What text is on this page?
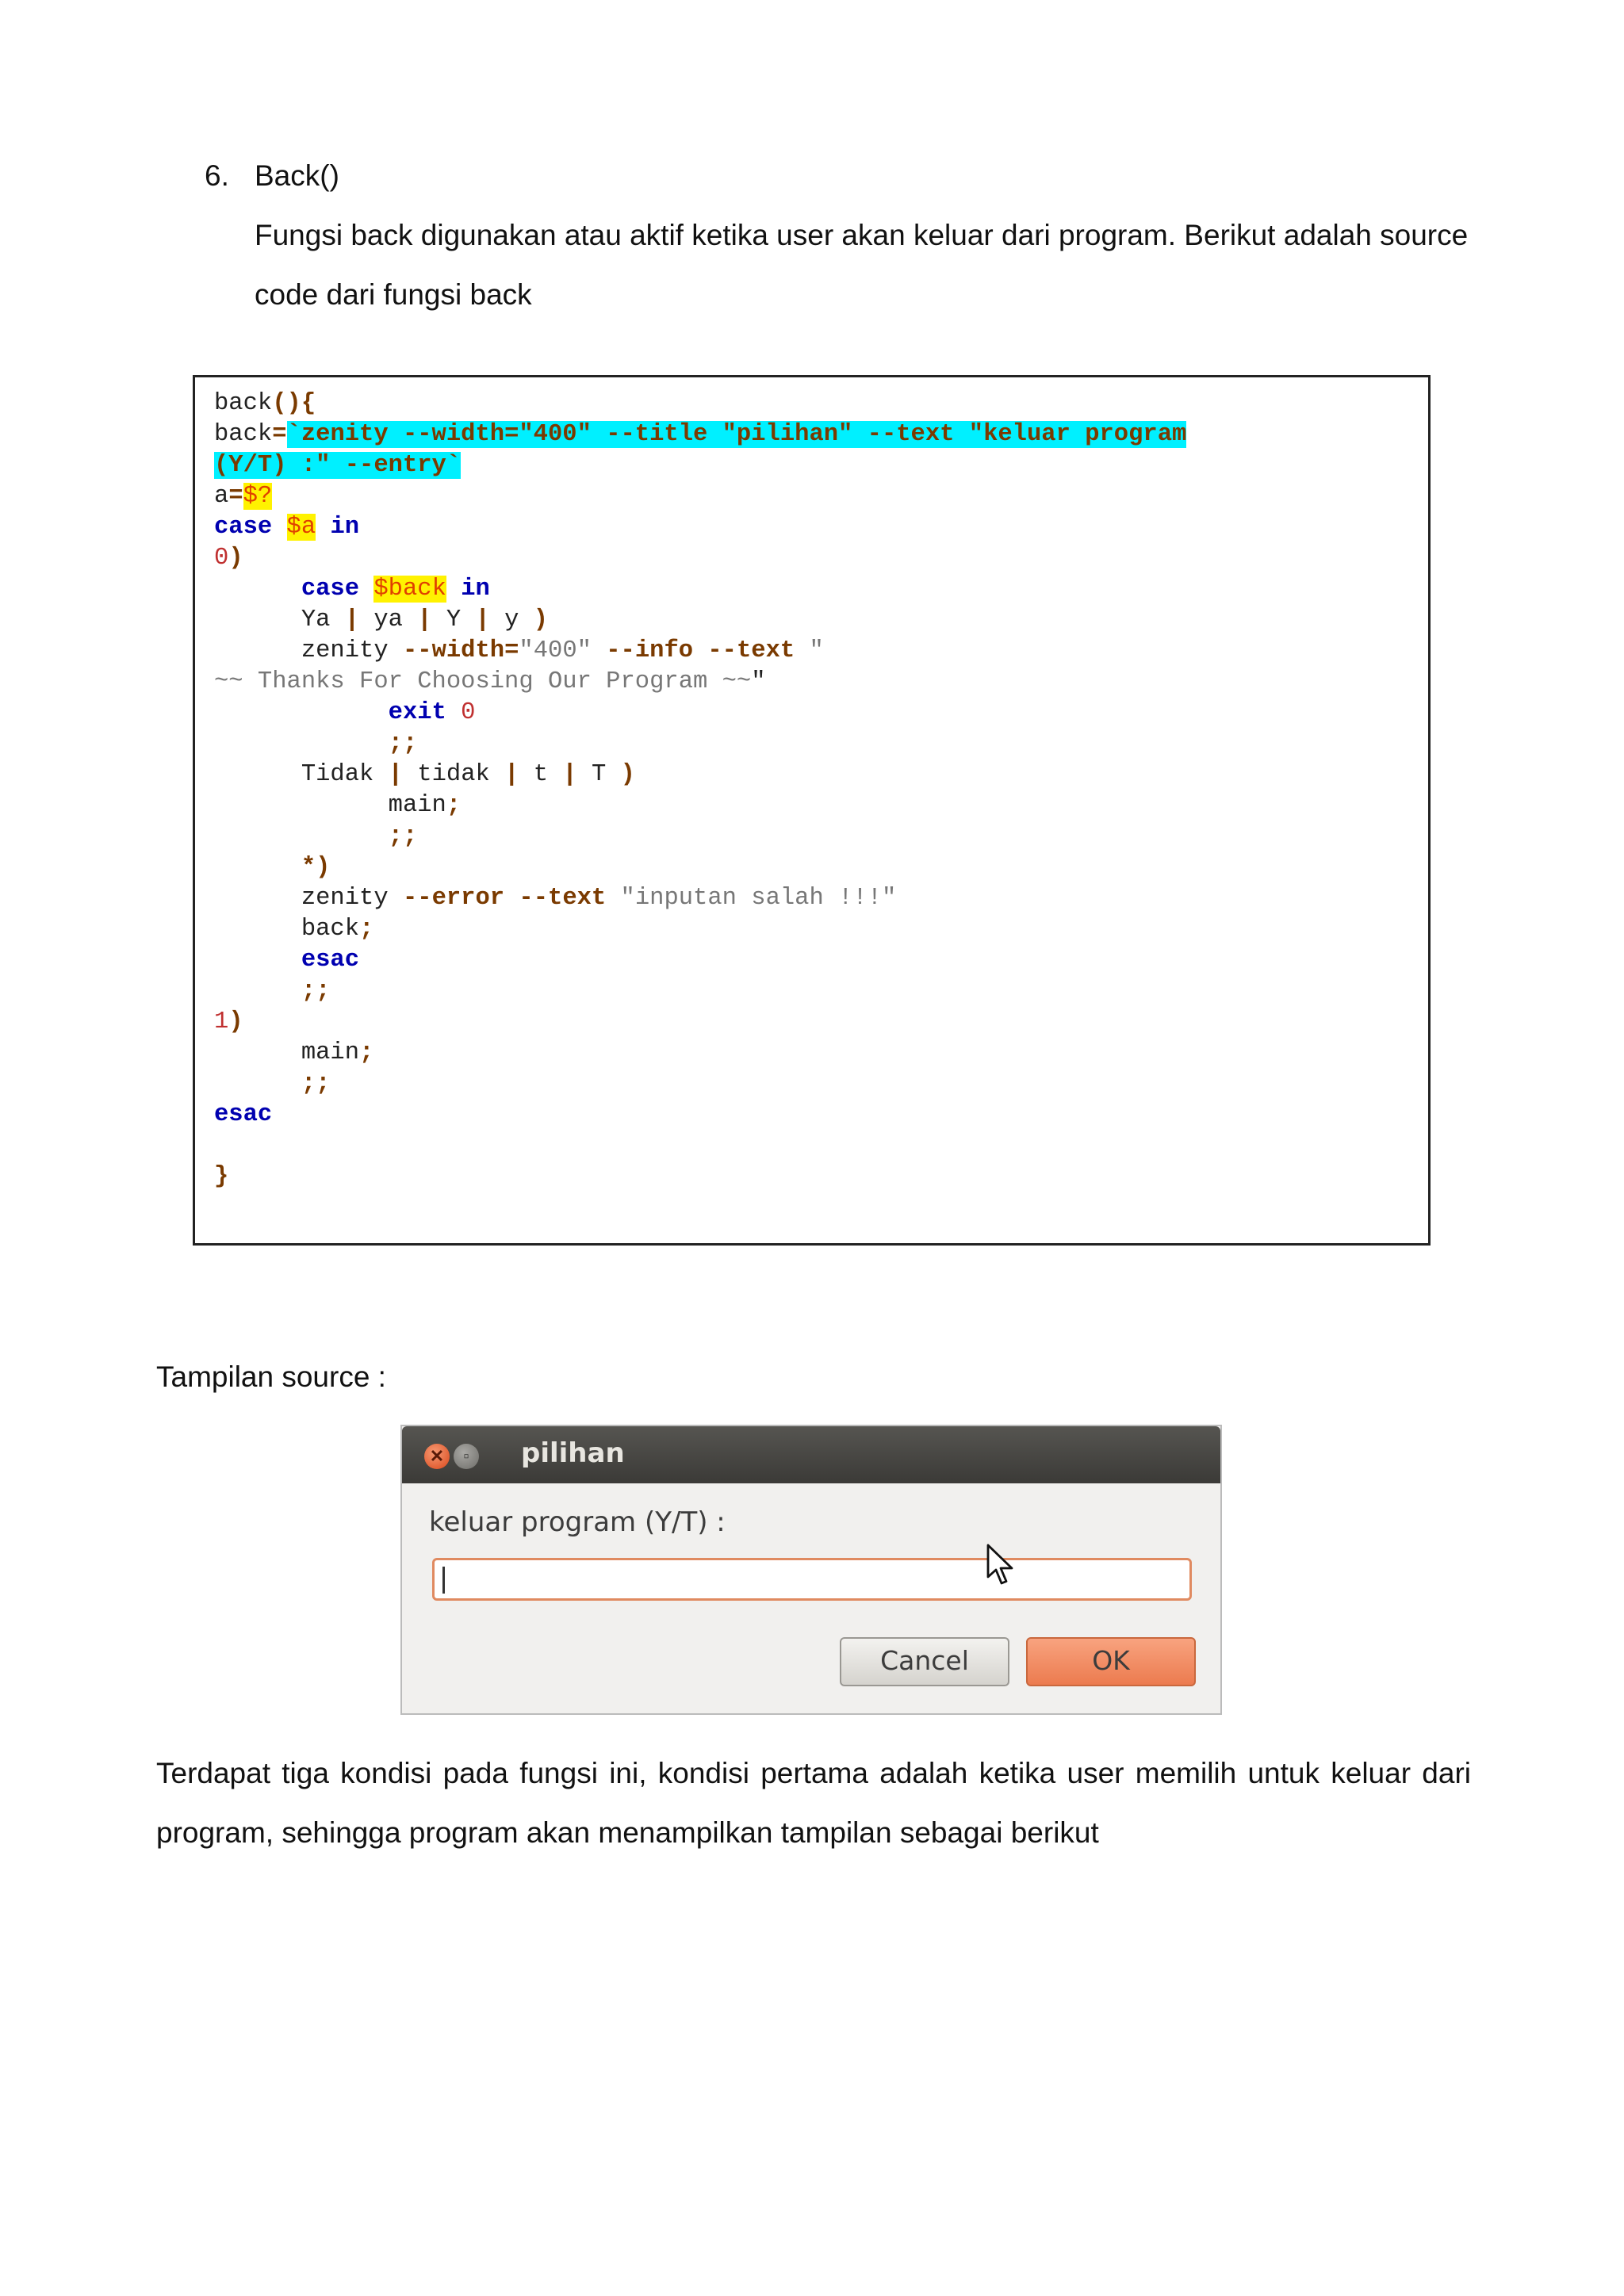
6. Back()
Fungsi back digunakan atau aktif ketika user akan keluar dari program. Berikut adalah source
code dari fungsi back
back(){
back=`zenity --width="400" --title "pilihan" --text "keluar program
(Y/T) :" --entry`
a=$?
case $a in
0)
case $back in
Ya | ya | Y | y )
zenity --width="400" --info --text "
~~ Thanks For Choosing Our Program ~~"
exit 0
;;
Tidak | tidak | t | T )
main;
;;
*)
zenity --error --text "inputan salah !!!"
back;
esac
;;
1)
main;
;;
esac
}
Tampilan source :
✕	▫	pilihan
keluar program (Y/T) :
Cancel	OK
Terdapat tiga kondisi pada fungsi ini, kondisi pertama adalah ketika user memilih untuk keluar dari
program, sehingga program akan menampilkan tampilan sebagai berikut
